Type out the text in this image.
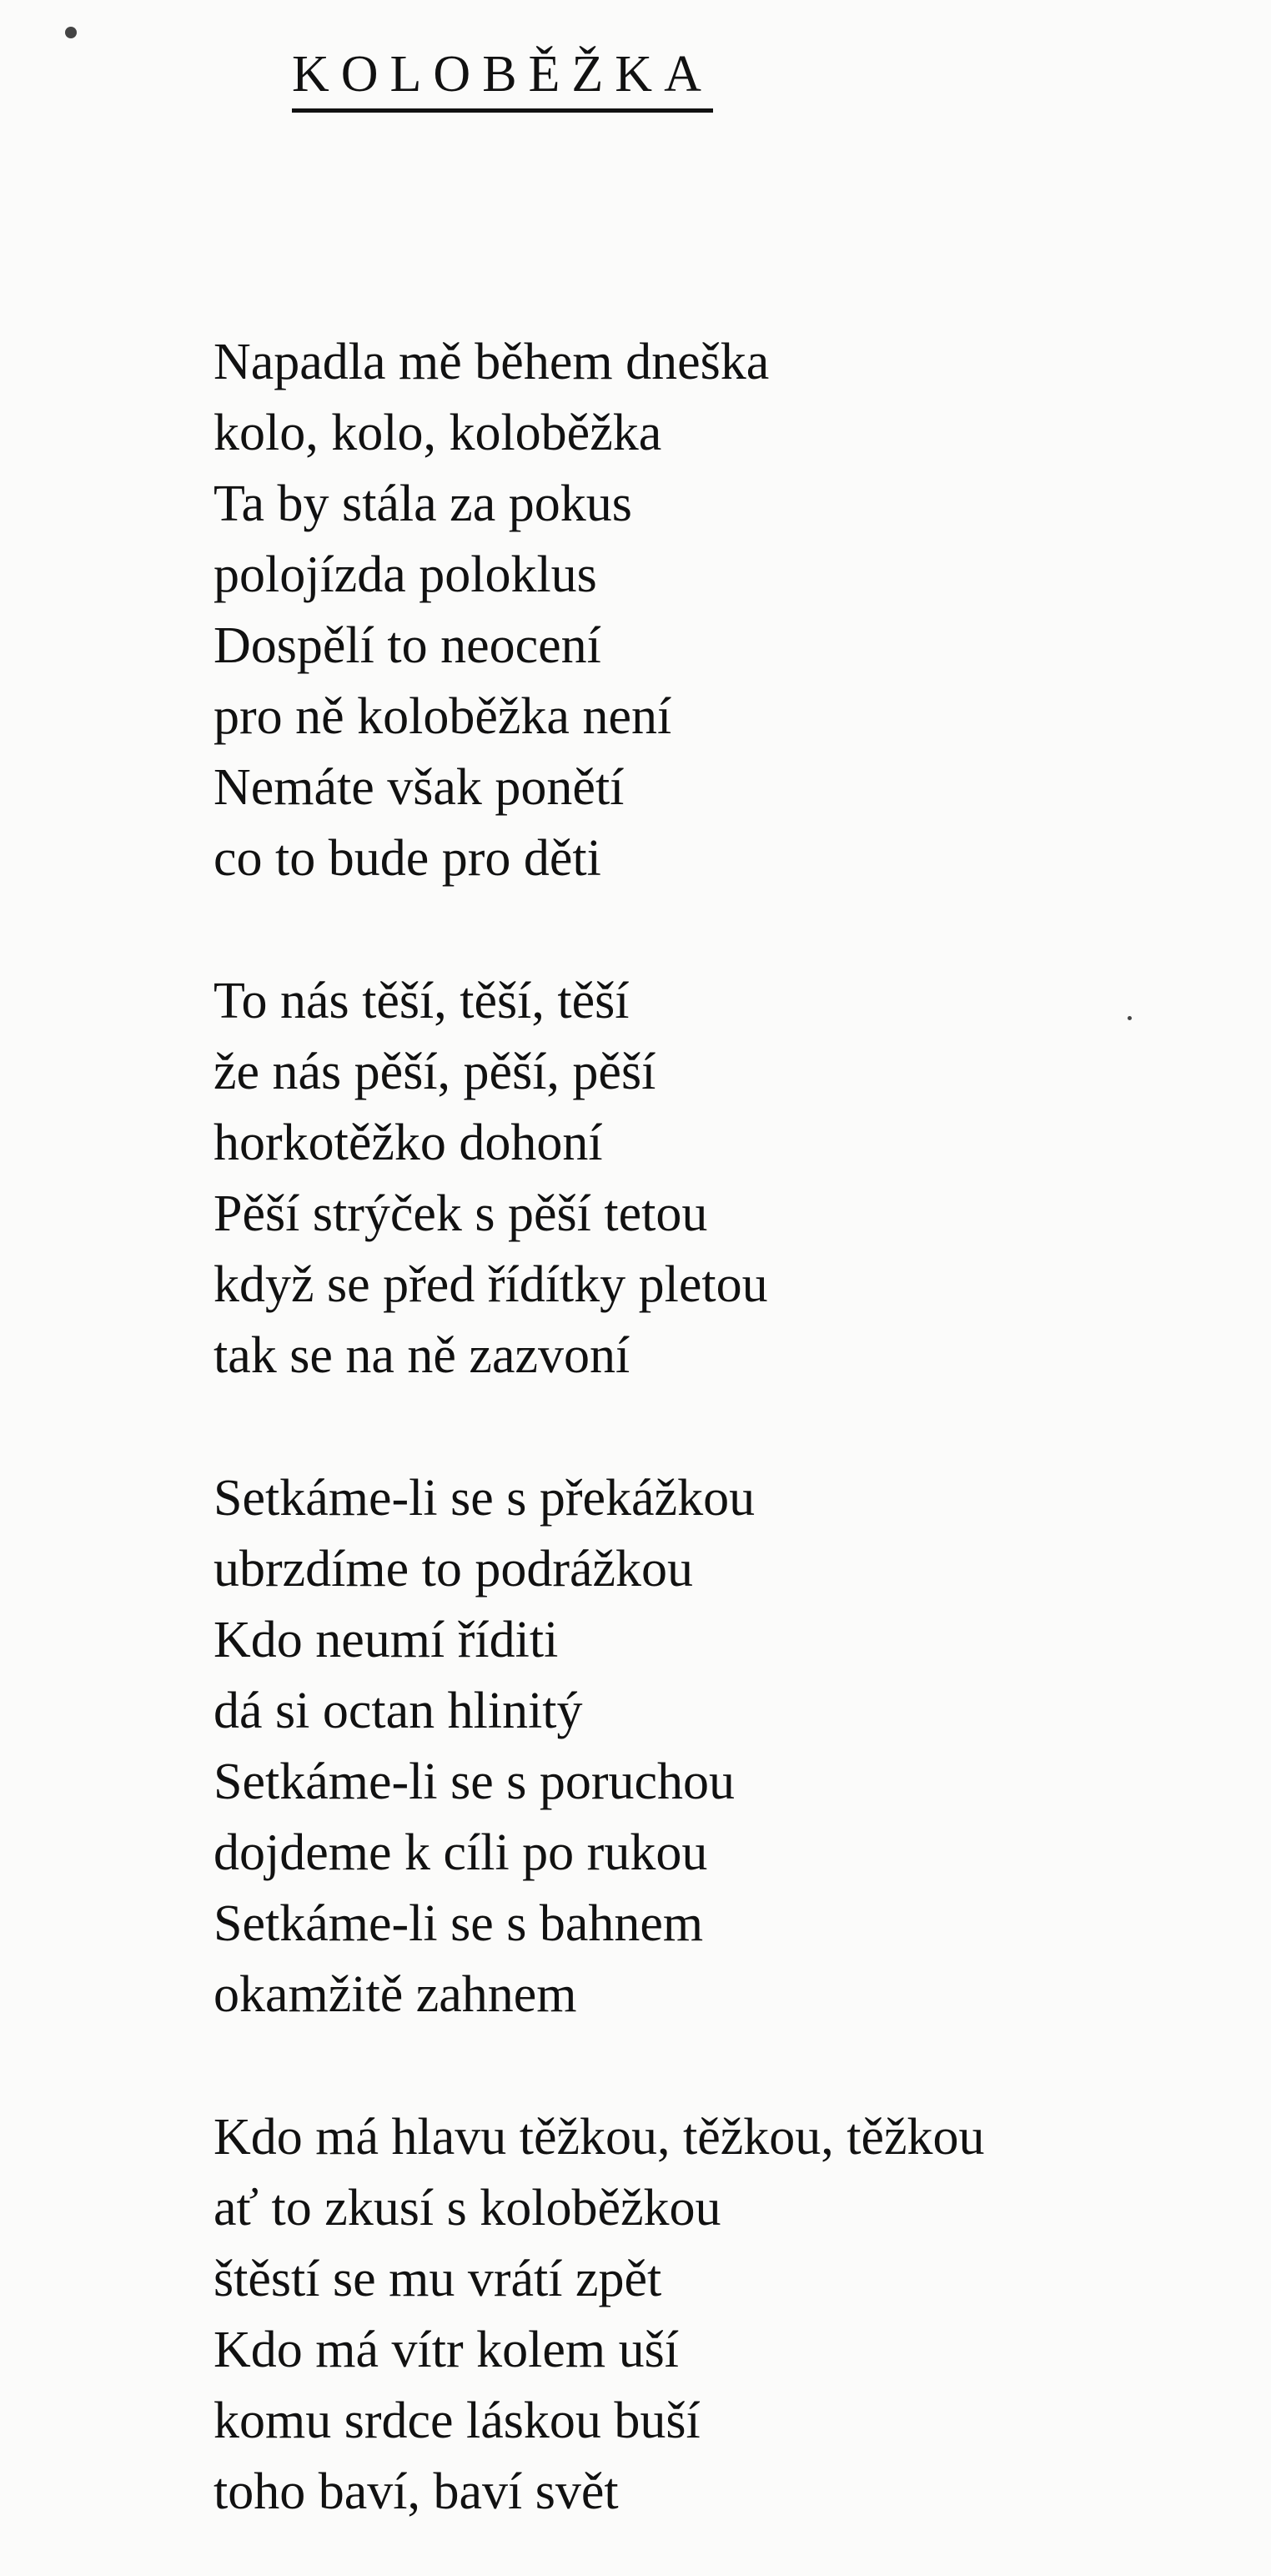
KOLOBĚŽKA
Napadla mě během dneška
kolo, kolo, koloběžka
Ta by stála za pokus
polojízda poloklus
Dospělí to neocení
pro ně koloběžka není
Nemáte však ponětí
co to bude pro děti
To nás těší, těší, těší
že nás pěší, pěší, pěší
horkotěžko dohoní
Pěší strýček s pěší tetou
když se před řídítky pletou
tak se na ně zazvoní
Setkáme-li se s překážkou
ubrzdíme to podrážkou
Kdo neumí říditi
dá si octan hlinitý
Setkáme-li se s poruchou
dojdeme k cíli po rukou
Setkáme-li se s bahnem
okamžitě zahnem
Kdo má hlavu těžkou, těžkou, těžkou
ať to zkusí s koloběžkou
štěstí se mu vrátí zpět
Kdo má vítr kolem uší
komu srdce láskou buší
toho baví, baví svět
